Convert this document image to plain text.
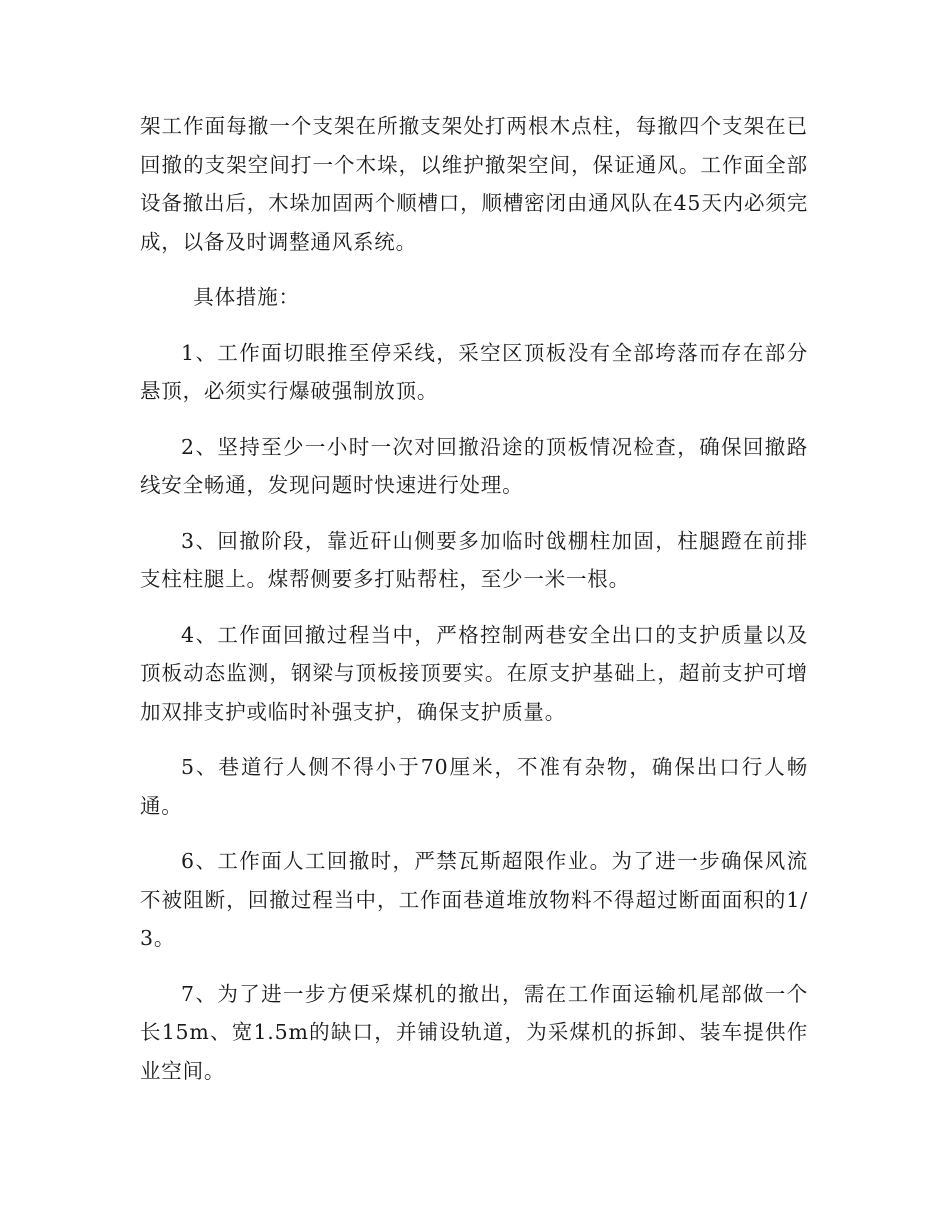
架工作面每撤一个支架在所撤支架处打两根木点柱，每撤四个支架在已回撤的支架空间打一个木垛，以维护撤架空间，保证通风。工作面全部设备撤出后，木垛加固两个顺槽口，顺槽密闭由通风队在45天内必须完成，以备及时调整通风系统。

具体措施：

1、工作面切眼推至停采线，采空区顶板没有全部垮落而存在部分悬顶，必须实行爆破强制放顶。

2、坚持至少一小时一次对回撤沿途的顶板情况检查，确保回撤路线安全畅通，发现问题时快速进行处理。

3、回撤阶段，靠近矸山侧要多加临时戗棚柱加固，柱腿蹬在前排支柱柱腿上。煤帮侧要多打贴帮柱，至少一米一根。

4、工作面回撤过程当中，严格控制两巷安全出口的支护质量以及顶板动态监测，钢梁与顶板接顶要实。在原支护基础上，超前支护可增加双排支护或临时补强支护，确保支护质量。

5、巷道行人侧不得小于70厘米，不准有杂物，确保出口行人畅通。

6、工作面人工回撤时，严禁瓦斯超限作业。为了进一步确保风流不被阻断，回撤过程当中，工作面巷道堆放物料不得超过断面面积的1/3。

7、为了进一步方便采煤机的撤出，需在工作面运输机尾部做一个长15m、宽1.5m的缺口，并铺设轨道，为采煤机的拆卸、装车提供作业空间。
